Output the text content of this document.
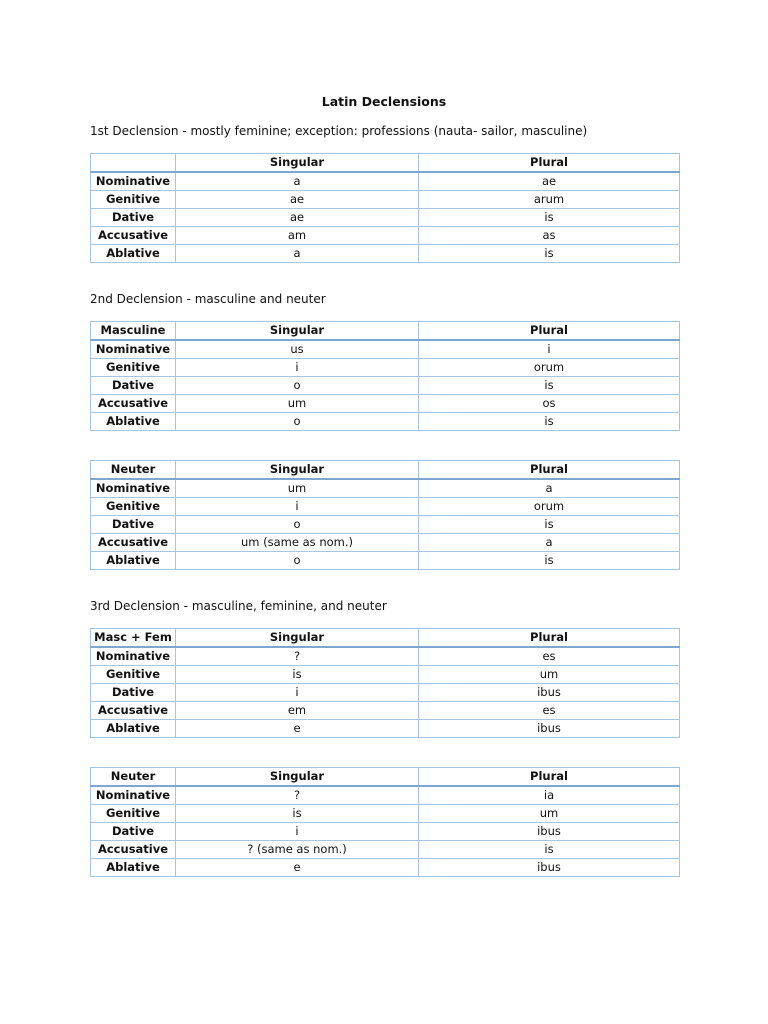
Latin Declensions
1st Declension - mostly feminine; exception: professions (nauta- sailor, masculine)
	Singular	Plural
Nominative	a	ae
Genitive	ae	arum
Dative	ae	is
Accusative	am	as
Ablative	a	is
2nd Declension - masculine and neuter
Masculine	Singular	Plural
Nominative	us	i
Genitive	i	orum
Dative	o	is
Accusative	um	os
Ablative	o	is
Neuter	Singular	Plural
Nominative	um	a
Genitive	i	orum
Dative	o	is
Accusative	um (same as nom.)	a
Ablative	o	is
3rd Declension - masculine, feminine, and neuter
Masc + Fem	Singular	Plural
Nominative	?	es
Genitive	is	um
Dative	i	ibus
Accusative	em	es
Ablative	e	ibus
Neuter	Singular	Plural
Nominative	?	ia
Genitive	is	um
Dative	i	ibus
Accusative	? (same as nom.)	is
Ablative	e	ibus
